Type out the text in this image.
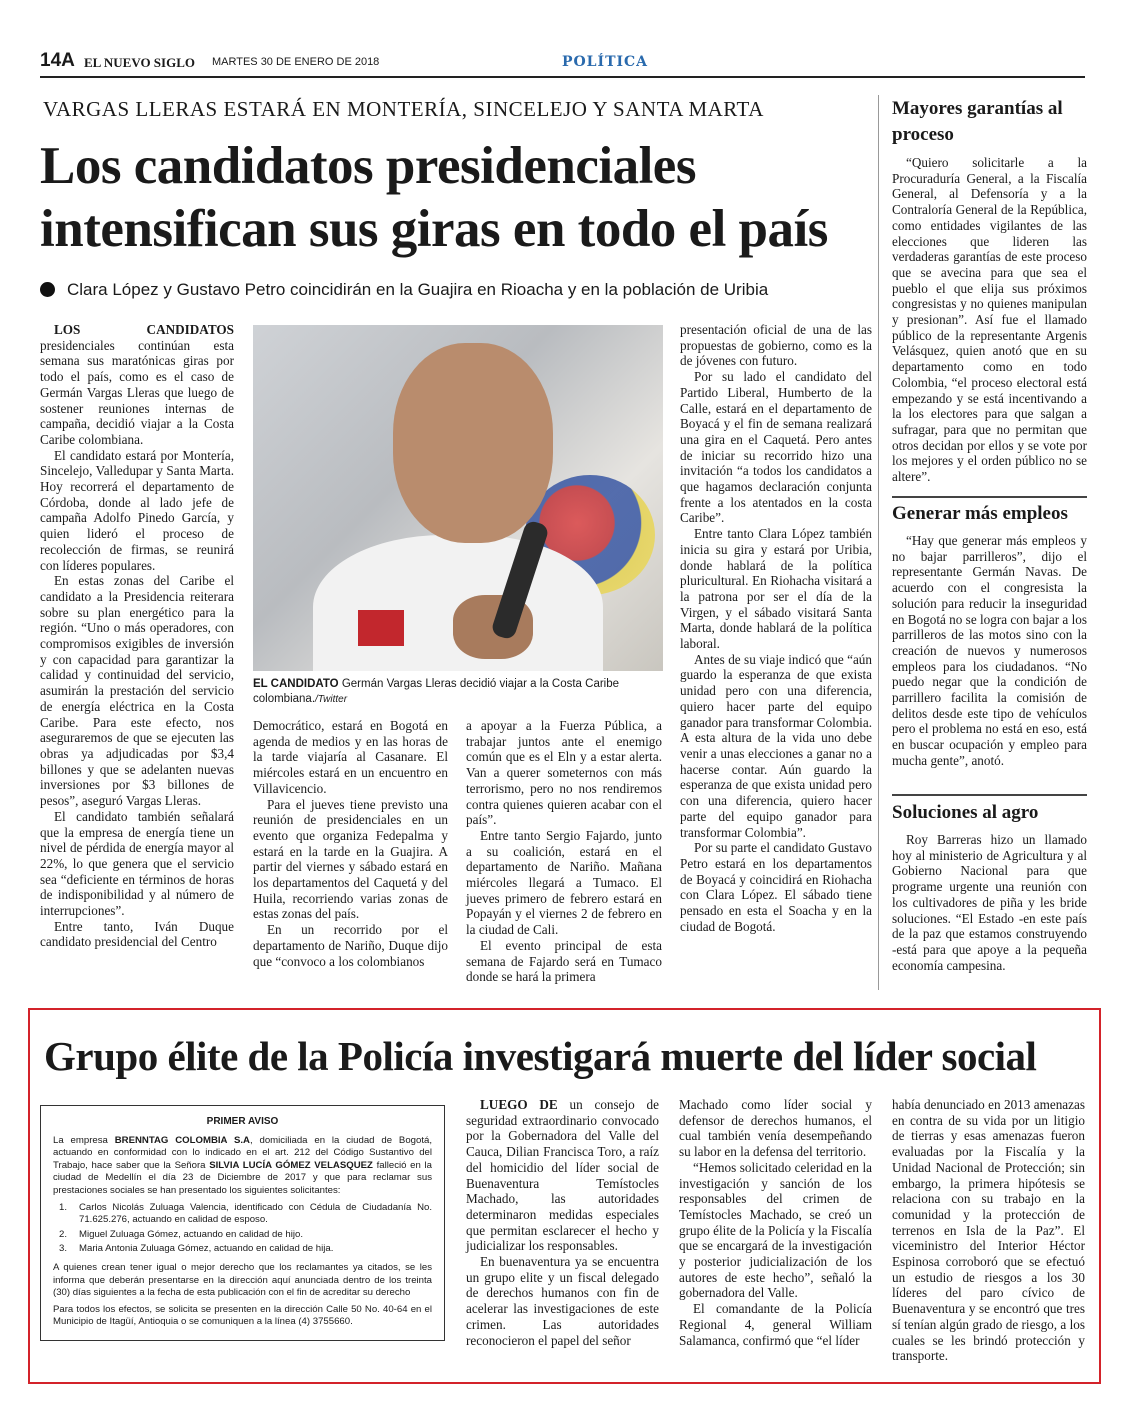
14A EL NUEVO SIGLO MARTES 30 DE ENERO DE 2018	POLÍTICA
VARGAS LLERAS ESTARÁ EN MONTERÍA, SINCELEJO Y SANTA MARTA
Los candidatos presidenciales
intensifican sus giras en todo el país
Clara López y Gustavo Petro coincidirán en la Guajira en Rioacha y en la población de Uribia

LOS CANDIDATOS presidenciales continúan esta semana sus maratónicas giras por todo el país, como es el caso de Germán Vargas Lleras que luego de sostener reuniones internas de campaña, decidió viajar a la Costa Caribe colombiana.

El candidato estará por Montería, Sincelejo, Valledupar y Santa Marta. Hoy recorrerá el departamento de Córdoba, donde al lado jefe de campaña Adolfo Pinedo García, y quien lideró el proceso de recolección de firmas, se reunirá con líderes populares.

En estas zonas del Caribe el candidato a la Presidencia reiterara sobre su plan energético para la región. “Uno o más operadores, con compromisos exigibles de inversión y con capacidad para garantizar la calidad y continuidad del servicio, asumirán la prestación del servicio de energía eléctrica en la Costa Caribe. Para este efecto, nos aseguraremos de que se ejecuten las obras ya adjudicadas por $3,4 billones y que se adelanten nuevas inversiones por $3 billones de pesos”, aseguró Vargas Lleras.

El candidato también señalará que la empresa de energía tiene un nivel de pérdida de energía mayor al 22%, lo que genera que el servicio sea “deficiente en términos de horas de indisponibilidad y al número de interrupciones”.

Entre tanto, Iván Duque candidato presidencial del Centro

EL CANDIDATO Germán Vargas Lleras decidió viajar a la Costa Caribe colombiana./Twitter

Democrático, estará en Bogotá en agenda de medios y en las horas de la tarde viajaría al Casanare. El miércoles estará en un encuentro en Villavicencio.

Para el jueves tiene previsto una reunión de presidenciales en un evento que organiza Fedepalma y estará en la tarde en la Guajira. A partir del viernes y sábado estará en los departamentos del Caquetá y del Huila, recorriendo varias zonas de estas zonas del país.

En un recorrido por el departamento de Nariño, Duque dijo que “convoco a los colombianos

a apoyar a la Fuerza Pública, a trabajar juntos ante el enemigo común que es el Eln y a estar alerta. Van a querer someternos con más terrorismo, pero no nos rendiremos contra quienes quieren acabar con el país”.

Entre tanto Sergio Fajardo, junto a su coalición, estará en el departamento de Nariño. Mañana miércoles llegará a Tumaco. El jueves primero de febrero estará en Popayán y el viernes 2 de febrero en la ciudad de Cali.

El evento principal de esta semana de Fajardo será en Tumaco donde se hará la primera

presentación oficial de una de las propuestas de gobierno, como es la de jóvenes con futuro.

Por su lado el candidato del Partido Liberal, Humberto de la Calle, estará en el departamento de Boyacá y el fin de semana realizará una gira en el Caquetá. Pero antes de iniciar su recorrido hizo una invitación “a todos los candidatos a que hagamos declaración conjunta frente a los atentados en la costa Caribe”.

Entre tanto Clara López también inicia su gira y estará por Uribia, donde hablará de la política pluricultural. En Riohacha visitará a la patrona por ser el día de la Virgen, y el sábado visitará Santa Marta, donde hablará de la política laboral.

Antes de su viaje indicó que “aún guardo la esperanza de que exista unidad pero con una diferencia, quiero hacer parte del equipo ganador para transformar Colombia. A esta altura de la vida uno debe venir a unas elecciones a ganar no a hacerse contar. Aún guardo la esperanza de que exista unidad pero con una diferencia, quiero hacer parte del equipo ganador para transformar Colombia”.

Por su parte el candidato Gustavo Petro estará en los departamentos de Boyacá y coincidirá en Riohacha con Clara López. El sábado tiene pensado en esta el Soacha y en la ciudad de Bogotá.

Mayores garantías al proceso

“Quiero solicitarle a la Procuraduría General, a la Fiscalía General, al Defensoría y a la Contraloría General de la República, como entidades vigilantes de las elecciones que lideren las verdaderas garantías de este proceso que se avecina para que sea el pueblo el que elija sus próximos congresistas y no quienes manipulan y presionan”. Así fue el llamado público de la representante Argenis Velásquez, quien anotó que en su departamento como en todo Colombia, “el proceso electoral está empezando y se está incentivando a la los electores para que salgan a sufragar, para que no permitan que otros decidan por ellos y se vote por los mejores y el orden público no se altere”.

Generar más empleos

“Hay que generar más empleos y no bajar parrilleros”, dijo el representante Germán Navas. De acuerdo con el congresista la solución para reducir la inseguridad en Bogotá no se logra con bajar a los parrilleros de las motos sino con la creación de nuevos y numerosos empleos para los ciudadanos. “No puedo negar que la condición de parrillero facilita la comisión de delitos desde este tipo de vehículos pero el problema no está en eso, está en buscar ocupación y empleo para mucha gente”, anotó.

Soluciones al agro

Roy Barreras hizo un llamado hoy al ministerio de Agricultura y al Gobierno Nacional para que programe urgente una reunión con los cultivadores de piña y les bride soluciones. “El Estado -en este país de la paz que estamos construyendo -está para que apoye a la pequeña economía campesina.

Grupo élite de la Policía investigará muerte del líder social
PRIMER AVISO

La empresa BRENNTAG COLOMBIA S.A, domiciliada en la ciudad de Bogotá, actuando en conformidad con lo indicado en el art. 212 del Código Sustantivo del Trabajo, hace saber que la Señora SILVIA LUCÍA GÓMEZ VELASQUEZ falleció en la ciudad de Medellín el día 23 de Diciembre de 2017 y que para reclamar sus prestaciones sociales se han presentado los siguientes solicitantes:

1.	Carlos Nicolás Zuluaga Valencia, identificado con Cédula de Ciudadanía No. 71.625.276, actuando en calidad de esposo.
2.	Miguel Zuluaga Gómez, actuando en calidad de hijo.
3.	Maria Antonia Zuluaga Gómez, actuando en calidad de hija.

A quienes crean tener igual o mejor derecho que los reclamantes ya citados, se les informa que deberán presentarse en la dirección aquí anunciada dentro de los treinta (30) días siguientes a la fecha de esta publicación con el fin de acreditar su derecho

Para todos los efectos, se solicita se presenten en la dirección Calle 50 No. 40-64 en el Municipio de Itagüí, Antioquia o se comuniquen a la línea (4) 3755660.

LUEGO DE un consejo de seguridad extraordinario convocado por la Gobernadora del Valle del Cauca, Dilian Francisca Toro, a raíz del homicidio del líder social de Buenaventura Temístocles Machado, las autoridades determinaron medidas especiales que permitan esclarecer el hecho y judicializar los responsables.

En buenaventura ya se encuentra un grupo elite y un fiscal delegado de derechos humanos con fin de acelerar las investigaciones de este crimen. Las autoridades reconocieron el papel del señor

Machado como líder social y defensor de derechos humanos, el cual también venía desempeñando su labor en la defensa del territorio.

“Hemos solicitado celeridad en la investigación y sanción de los responsables del crimen de Temístocles Machado, se creó un grupo élite de la Policía y la Fiscalía que se encargará de la investigación y posterior judicialización de los autores de este hecho”, señaló la gobernadora del Valle.

El comandante de la Policía Regional 4, general William Salamanca, confirmó que “el líder

había denunciado en 2013 amenazas en contra de su vida por un litigio de tierras y esas amenazas fueron evaluadas por la Fiscalía y la Unidad Nacional de Protección; sin embargo, la primera hipótesis se relaciona con su trabajo en la comunidad y la protección de terrenos en Isla de la Paz”. El viceministro del Interior Héctor Espinosa corroboró que se efectuó un estudio de riesgos a los 30 líderes del paro cívico de Buenaventura y se encontró que tres sí tenían algún grado de riesgo, a los cuales se les brindó protección y transporte.
